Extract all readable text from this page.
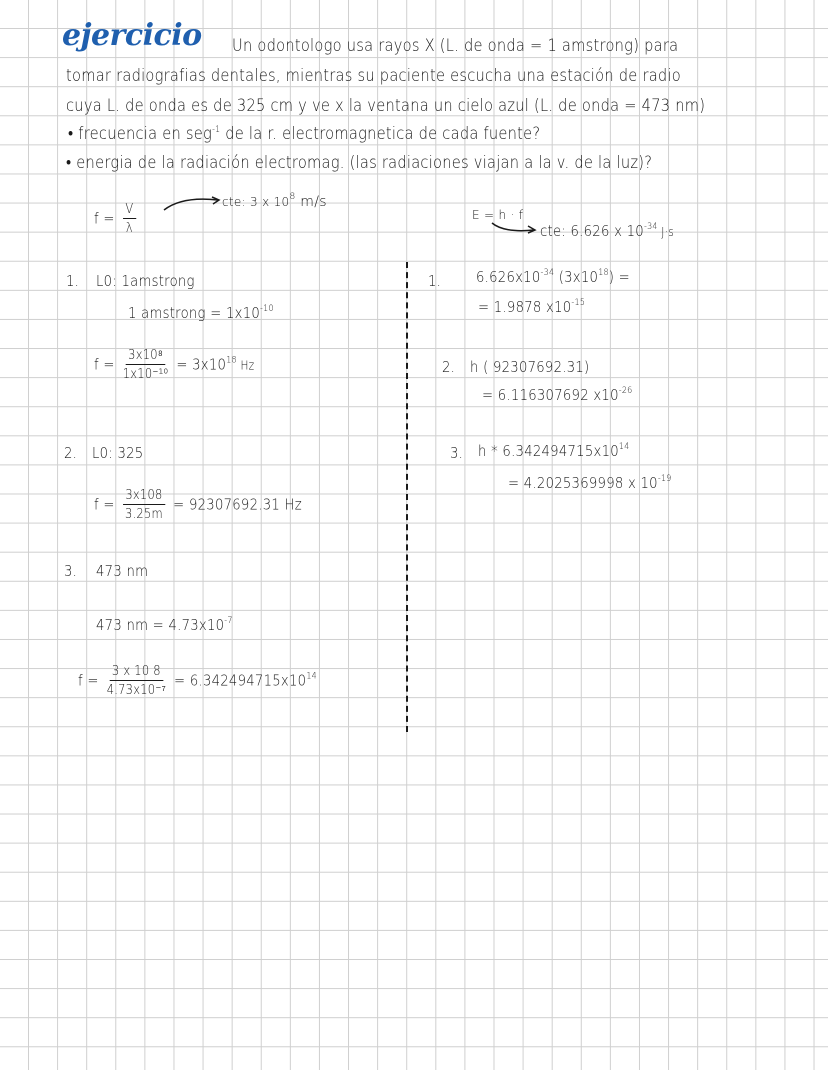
ejercicio Un odontologo usa rayos X (L. de onda = 1 amstrong) para
tomar radiografias dentales, mientras su paciente escucha una estación de radio
cuya L. de onda es de 325 cm y ve x la ventana un cielo azul (L. de onda = 473 nm)
• frecuencia en seg$^{-1}$ de la r. electromagnetica de cada fuente?
• energia de la radiación electromag. (las radiaciones viajan a la v. de la luz)?
$f = \frac{V}{\lambda}$	cte: 3 x $10^8$ m/s
E = h · f
cte: 6.626 x $10^{-34}$ J·s
1. L0: 1amstrong
1 amstrong = $1x10^{-10}$
$f = \frac{\text{3x10⁸}}{\text{1x10⁻¹⁰}} = 3x10^{18}$ Hz
2. L0: 325
$f = \frac{3x108}{3.25m} = 92307692.31$ Hz
3. 473 nm
473 nm = $4.73x10^{-7}$
$f = \frac{3 x 10 8}{\text{4.73x10⁻⁷}} = 6.342494715x10^{14}$
1. $6.626x10^{-34}$ $(3x10^{18})$ =
= 1.9878 $x10^{-15}$
2. h ( 92307692.31)
= 6.116307692 $x10^{-26}$
3. h * $6.342494715x10^{14}$
= 4.2025369998 x $10^{-19}$
